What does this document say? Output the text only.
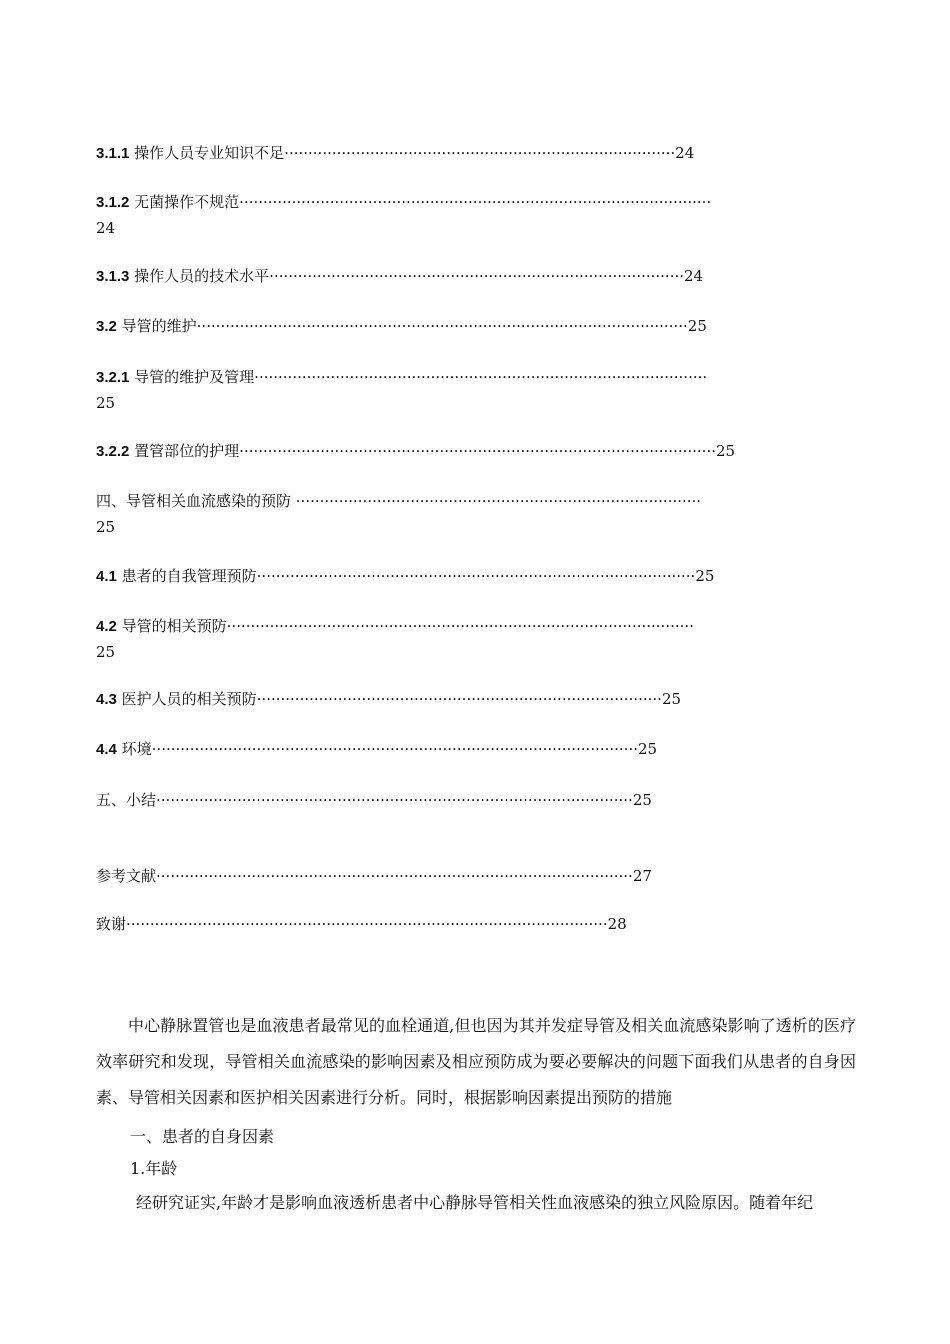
3.1.1 操作人员专业知识不足··················································································24
3.1.2 无菌操作不规范···································································································
24
3.1.3 操作人员的技术水平·······················································································24
3.2 导管的维护·······································································································25
3.2.1 导管的维护及管理·······························································································
25
3.2.2 置管部位的护理····································································································25
四、导管相关血流感染的预防 ·····················································································
25
4.1 患者的自我管理预防····························································································25
4.2 导管的相关预防··································································································
25
4.3 医护人员的相关预防·····················································································25
4.4 环境······································································································25
五、小结····································································································25
参考文献····································································································27
致谢·····································································································28
中心静脉置管也是血液患者最常见的血栓通道,但也因为其并发症导管及相关血流感染影响了透析的医疗效率研究和发现，导管相关血流感染的影响因素及相应预防成为要必要解决的问题下面我们从患者的自身因素、导管相关因素和医护相关因素进行分析。同时，根据影响因素提出预防的措施
一、患者的自身因素
1.年龄
经研究证实,年龄才是影响血液透析患者中心静脉导管相关性血液感染的独立风险原因。随着年纪
